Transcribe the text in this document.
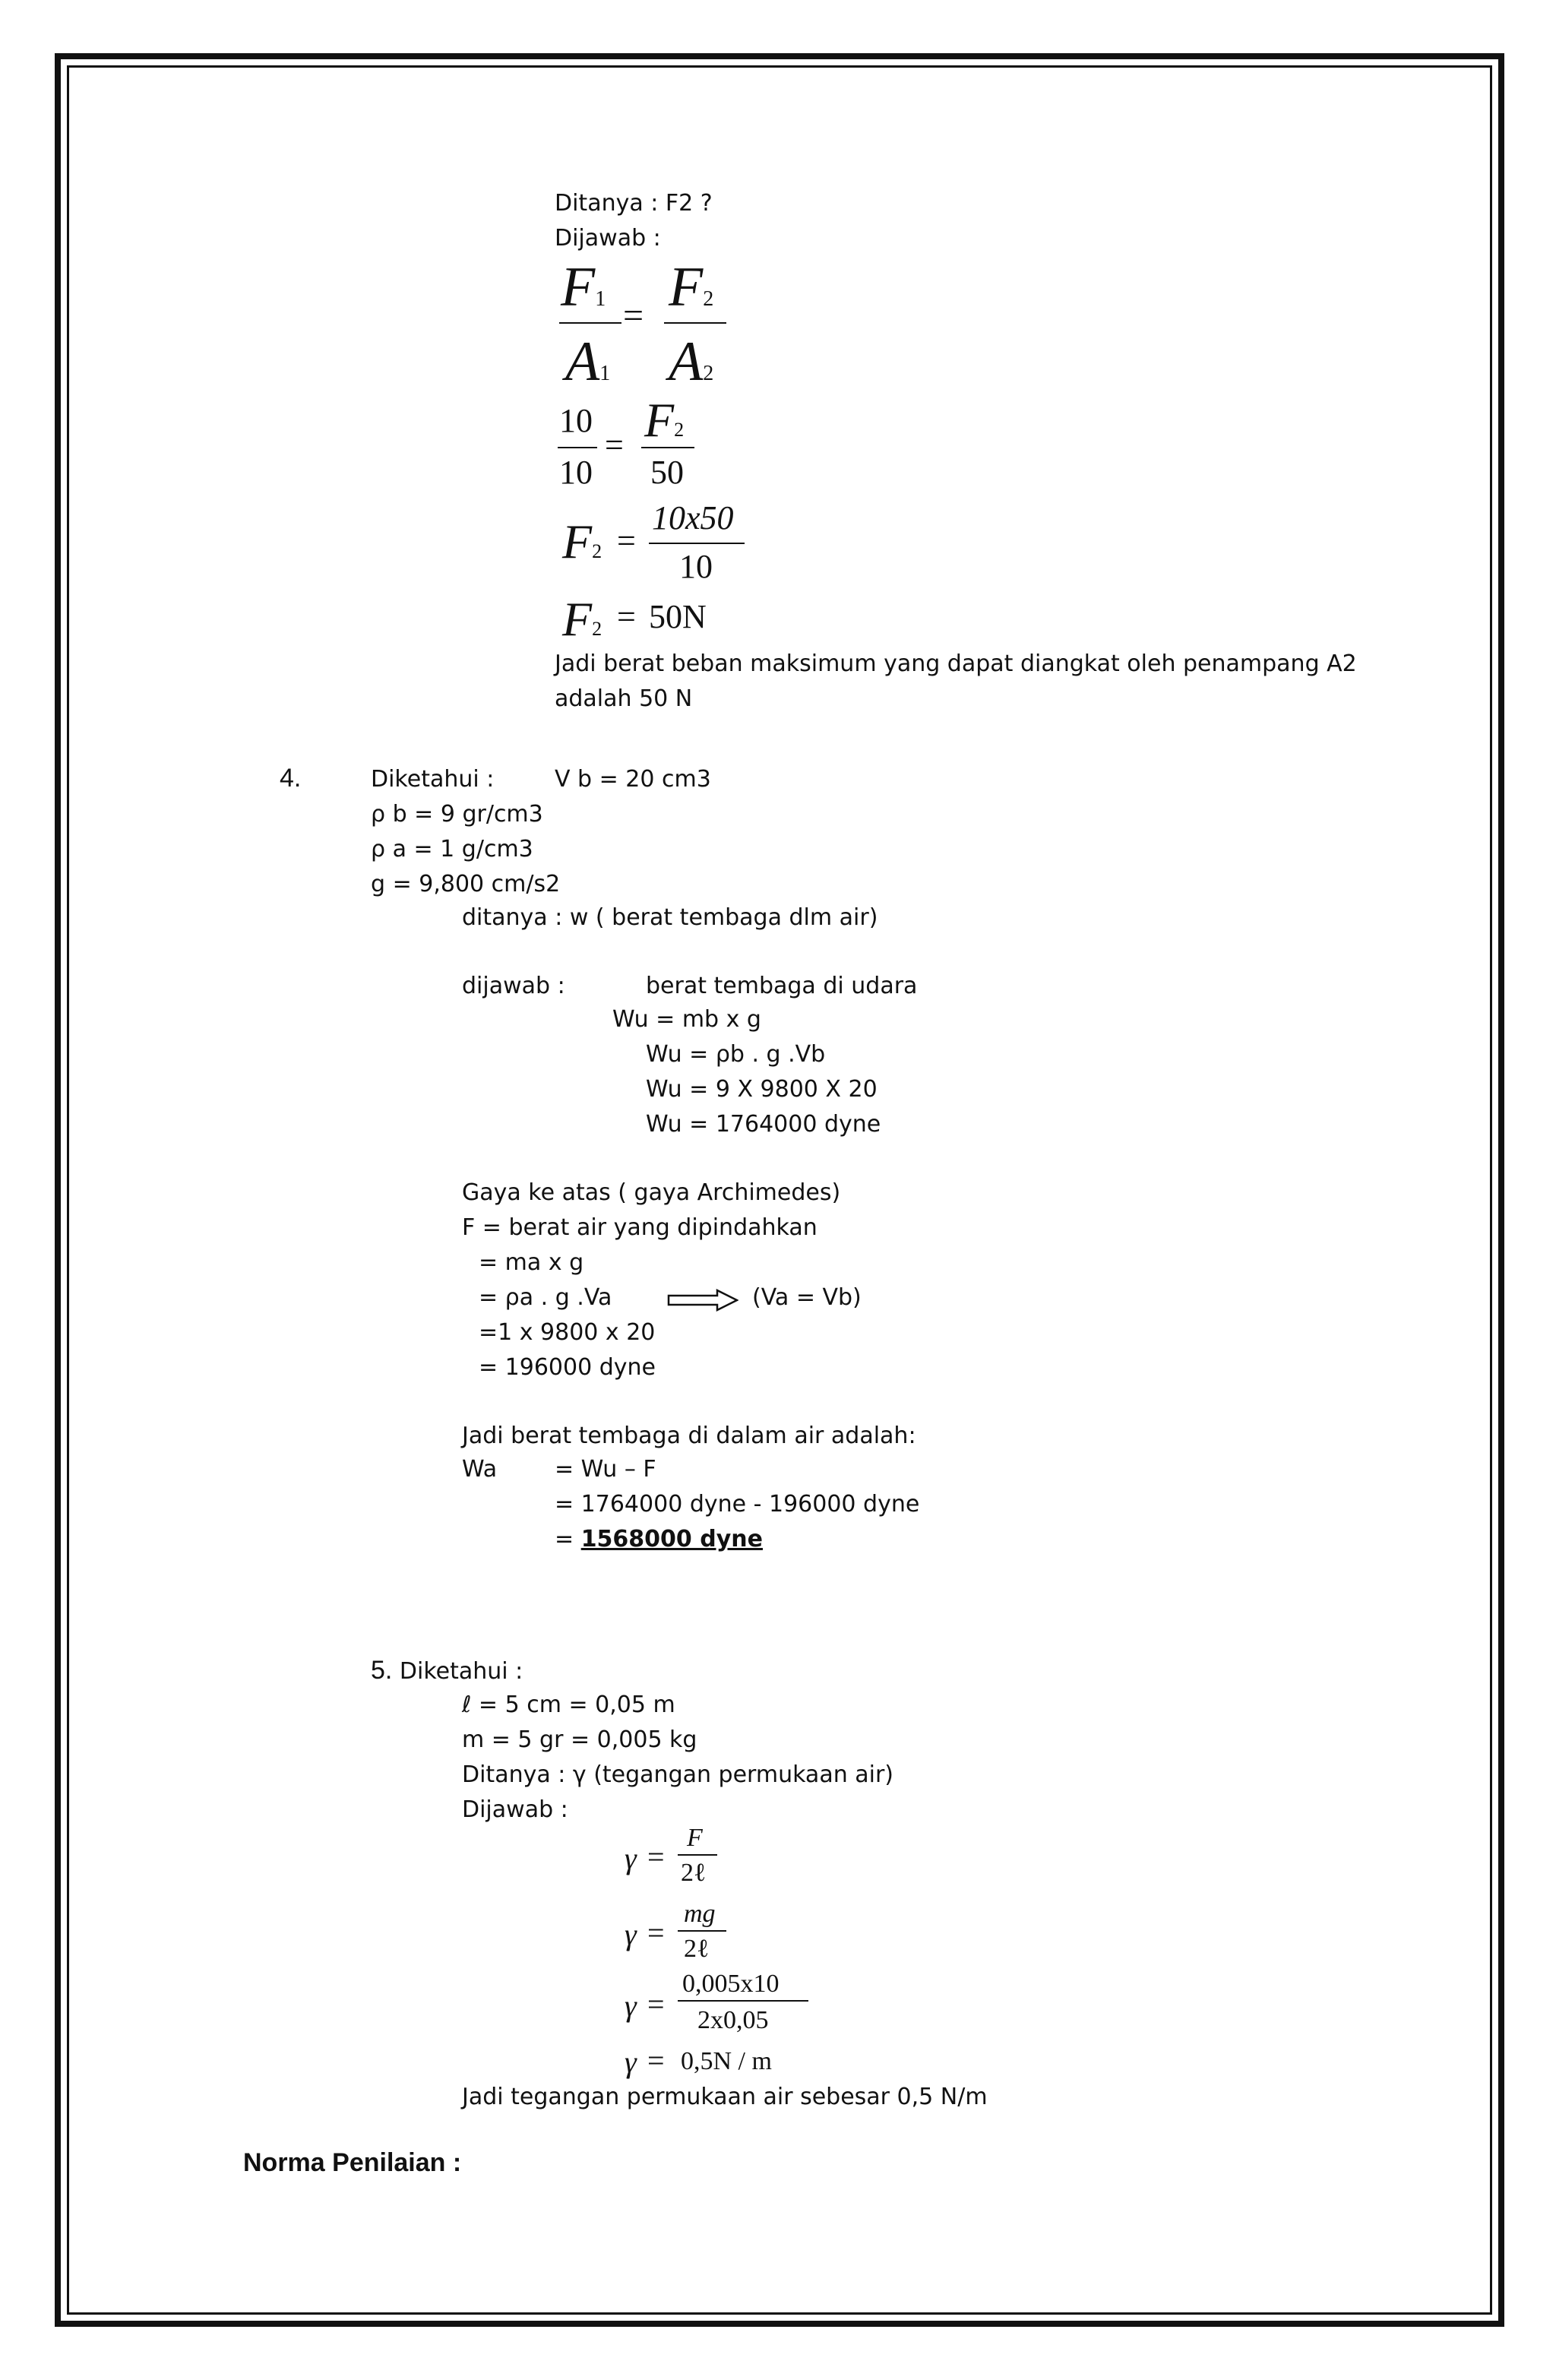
Ditanya : F2 ?
Dijawab :
F1
A1
= F2
A2
10
10
= F2
50
F2 =
10x50
10
F2 = 50N
Jadi berat beban maksimum yang dapat diangkat oleh penampang A2
adalah 50 N
4.	Diketahui :	V b = 20 cm3
ρ b = 9 gr/cm3
ρ a = 1 g/cm3
g = 9,800 cm/s2
ditanya : w ( berat tembaga dlm air)
dijawab :	berat tembaga di udara
Wu = mb x g
Wu = ρb . g .Vb
Wu = 9 X 9800 X 20
Wu = 1764000 dyne
Gaya ke atas ( gaya Archimedes)
F = berat air yang dipindahkan
= ma x g
= ρa . g .Va	(Va = Vb)
=1 x 9800 x 20
= 196000 dyne
Jadi berat tembaga di dalam air adalah:
Wa	= Wu – F
= 1764000 dyne - 196000 dyne
= 1568000 dyne
5. Diketahui :
ℓ = 5 cm = 0,05 m
m = 5 gr = 0,005 kg
Ditanya : γ (tegangan permukaan air)
Dijawab :
γ =
F
2ℓ
γ =
mg
2ℓ
γ =
0,005x10
2x0,05
γ = 0,5N / m
Jadi tegangan permukaan air sebesar 0,5 N/m
Norma Penilaian :
